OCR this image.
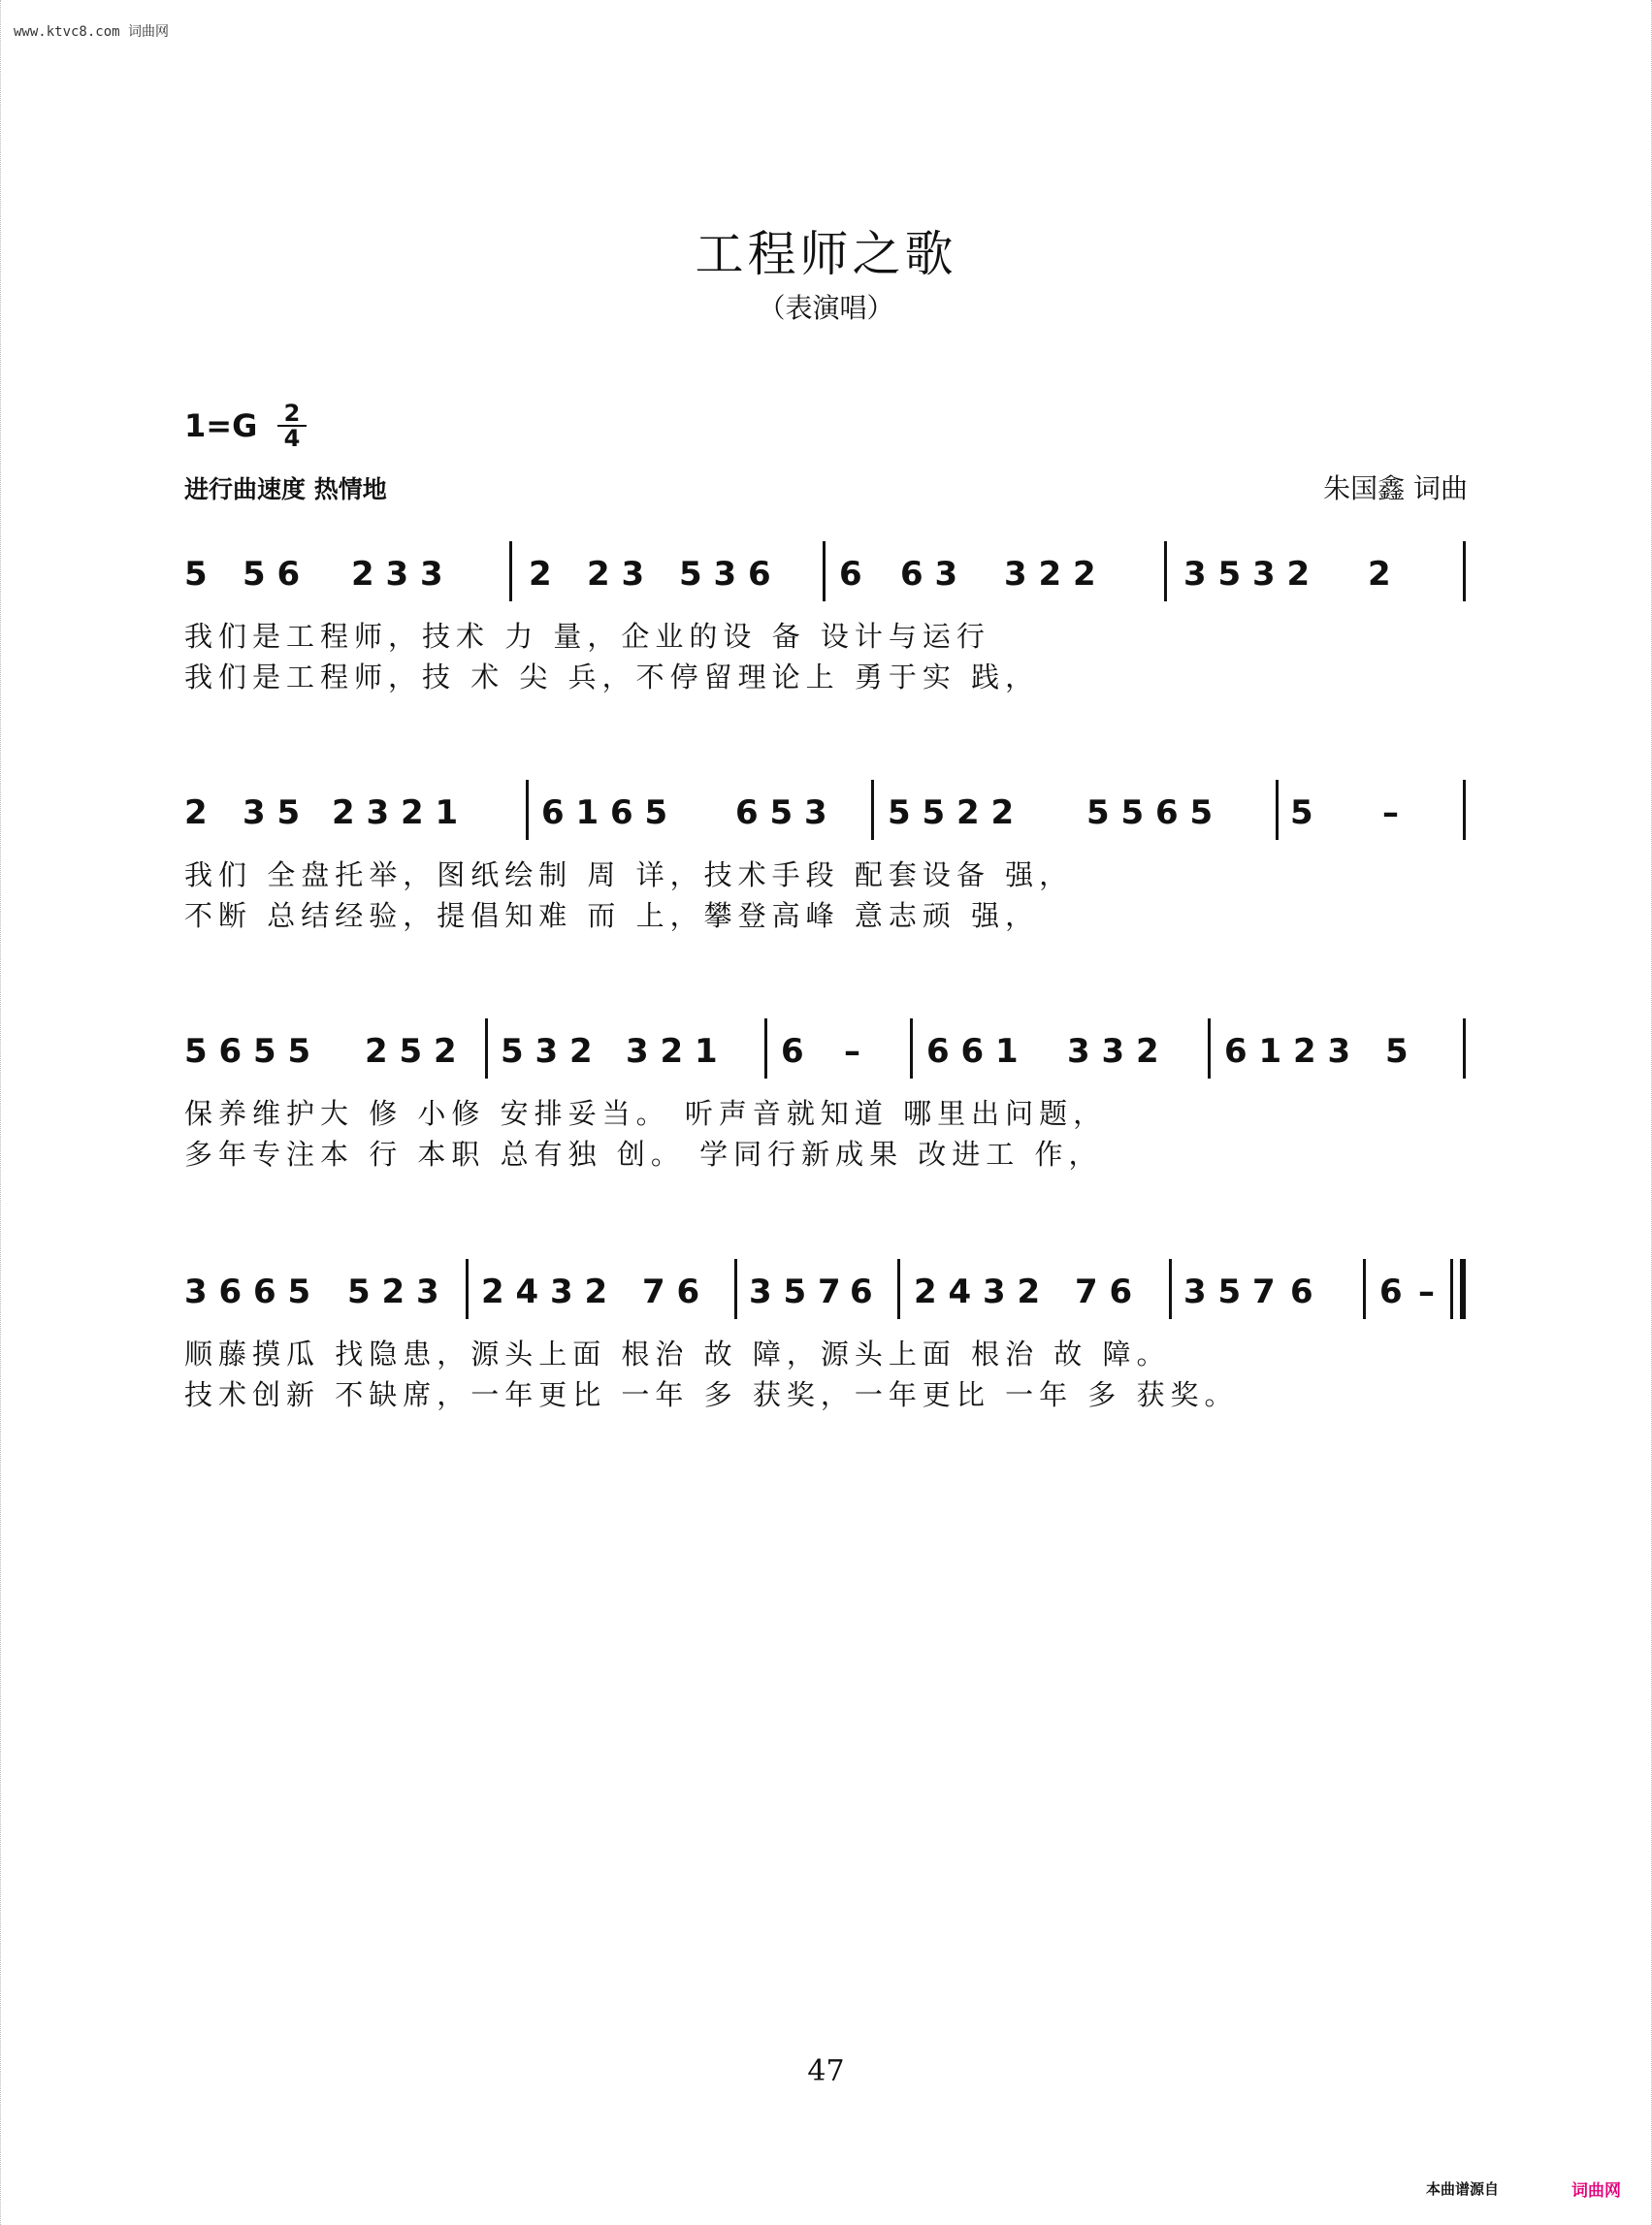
www.ktvc8.com 词曲网
工程师之歌
（表演唱）
$1=G \frac{2}{4}$
进行曲速度 热情地	朱国鑫 词曲
5 5 6 2 3 3	2 2 3 5 3 6 6 6 3 3 2 2	3 5 3 2 2
我们是工程师，技术 力 量，企业的设 备 设计与运行
我们是工程师，技 术 尖 兵，不停留理论上 勇于实 践，
2 3 5 2 3 2 1	6 1 6 5 6 5 3 5 5 2 2 5 5 6 5 5 –
我们 全盘托举，图纸绘制 周 详，技术手段 配套设备 强，
不断 总结经验，提倡知难 而 上，攀登高峰 意志顽 强，
5 6 5 5 2 5 2 5 3 2 3 2 1 6 – 6 6 1 3 3 2 6 1 2 3 5
保养维护大 修 小修 安排妥当。 听声音就知道 哪里出问题，
多年专注本 行 本职 总有独 创。 学同行新成果 改进工 作，
3 6 6 5 5 2 3 2 4 3 2 7 6 3 5 7 6 2 4 3 2 7 6 3 5 7 6 6 –
顺藤摸瓜 找隐患，源头上面 根治 故 障，源头上面 根治 故 障。
技术创新 不缺席，一年更比 一年 多 获奖，一年更比 一年 多 获奖。
47
本曲谱源自	词曲网
